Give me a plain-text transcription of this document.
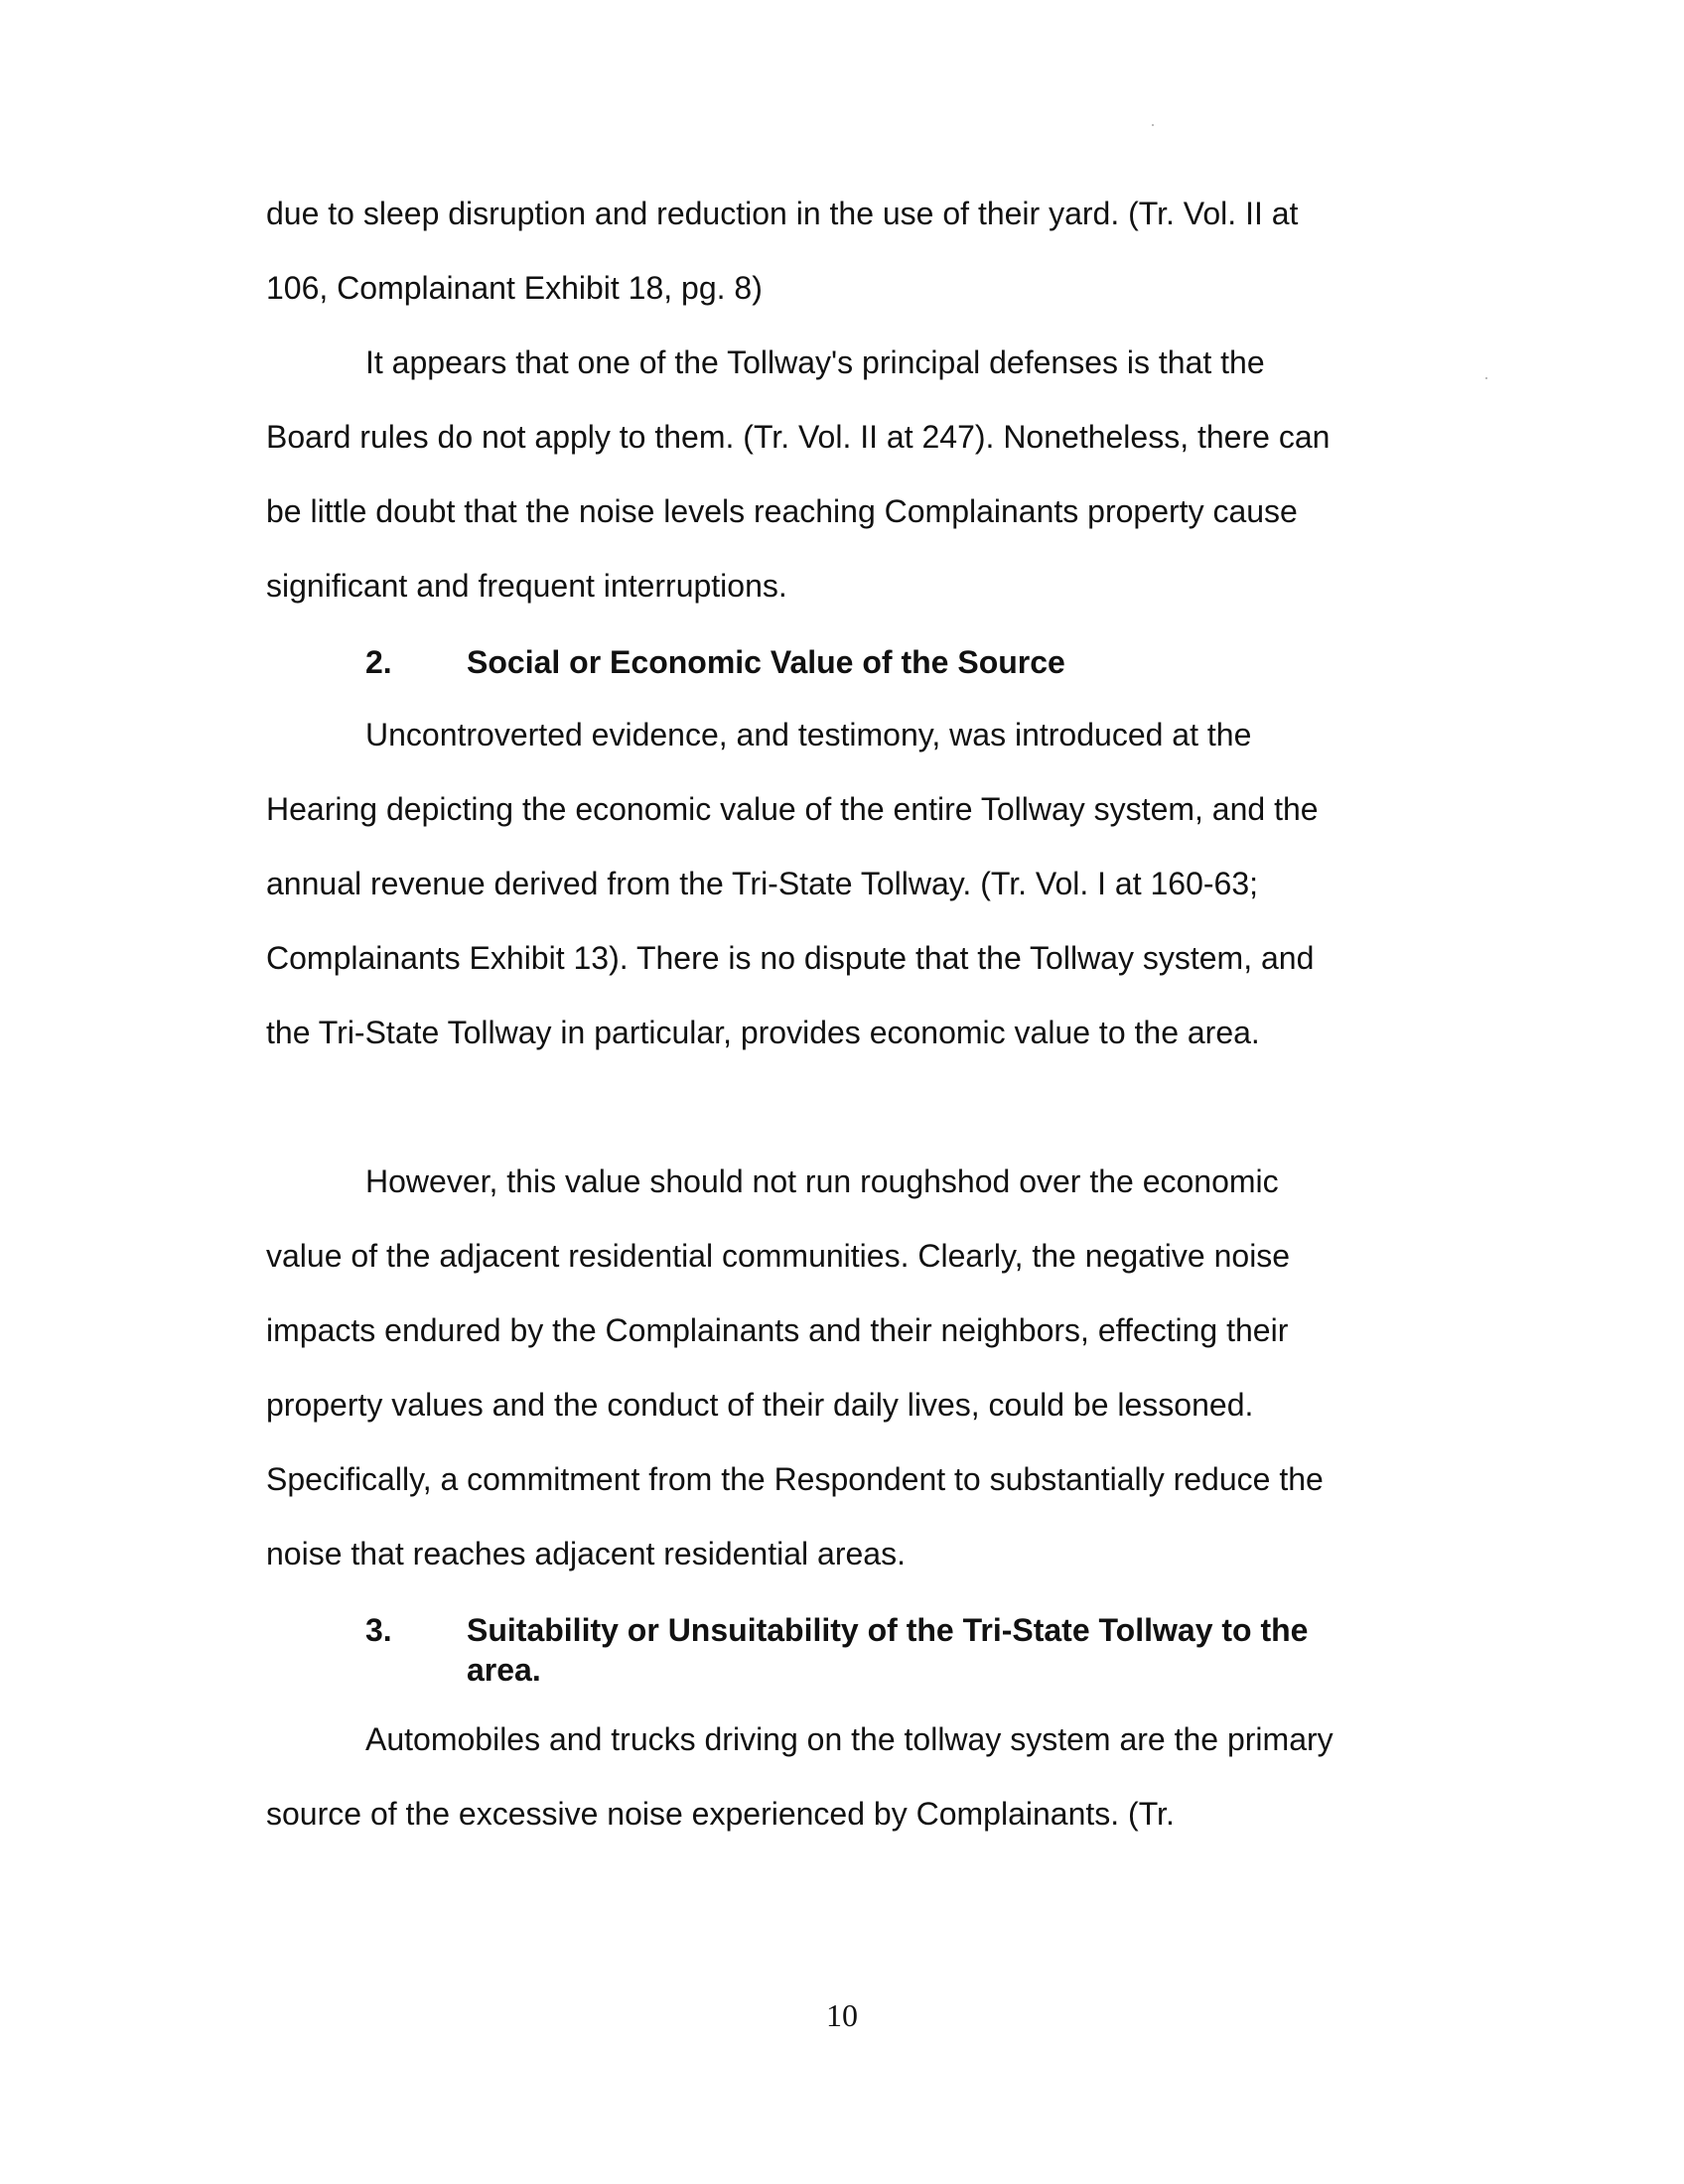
due to sleep disruption and reduction in the use of their yard. (Tr. Vol. II at 106, Complainant Exhibit 18, pg. 8)

It appears that one of the Tollway's principal defenses is that the Board rules do not apply to them. (Tr. Vol. II at 247). Nonetheless, there can be little doubt that the noise levels reaching Complainants property cause significant and frequent interruptions.

2.	Social or Economic Value of the Source

Uncontroverted evidence, and testimony, was introduced at the Hearing depicting the economic value of the entire Tollway system, and the annual revenue derived from the Tri-State Tollway. (Tr. Vol. I at 160-63; Complainants Exhibit 13). There is no dispute that the Tollway system, and the Tri-State Tollway in particular, provides economic value to the area.

However, this value should not run roughshod over the economic value of the adjacent residential communities. Clearly, the negative noise impacts endured by the Complainants and their neighbors, effecting their property values and the conduct of their daily lives, could be lessoned. Specifically, a commitment from the Respondent to substantially reduce the noise that reaches adjacent residential areas.

3.	Suitability or Unsuitability of the Tri-State Tollway to the area.

Automobiles and trucks driving on the tollway system are the primary source of the excessive noise experienced by Complainants. (Tr.

10
